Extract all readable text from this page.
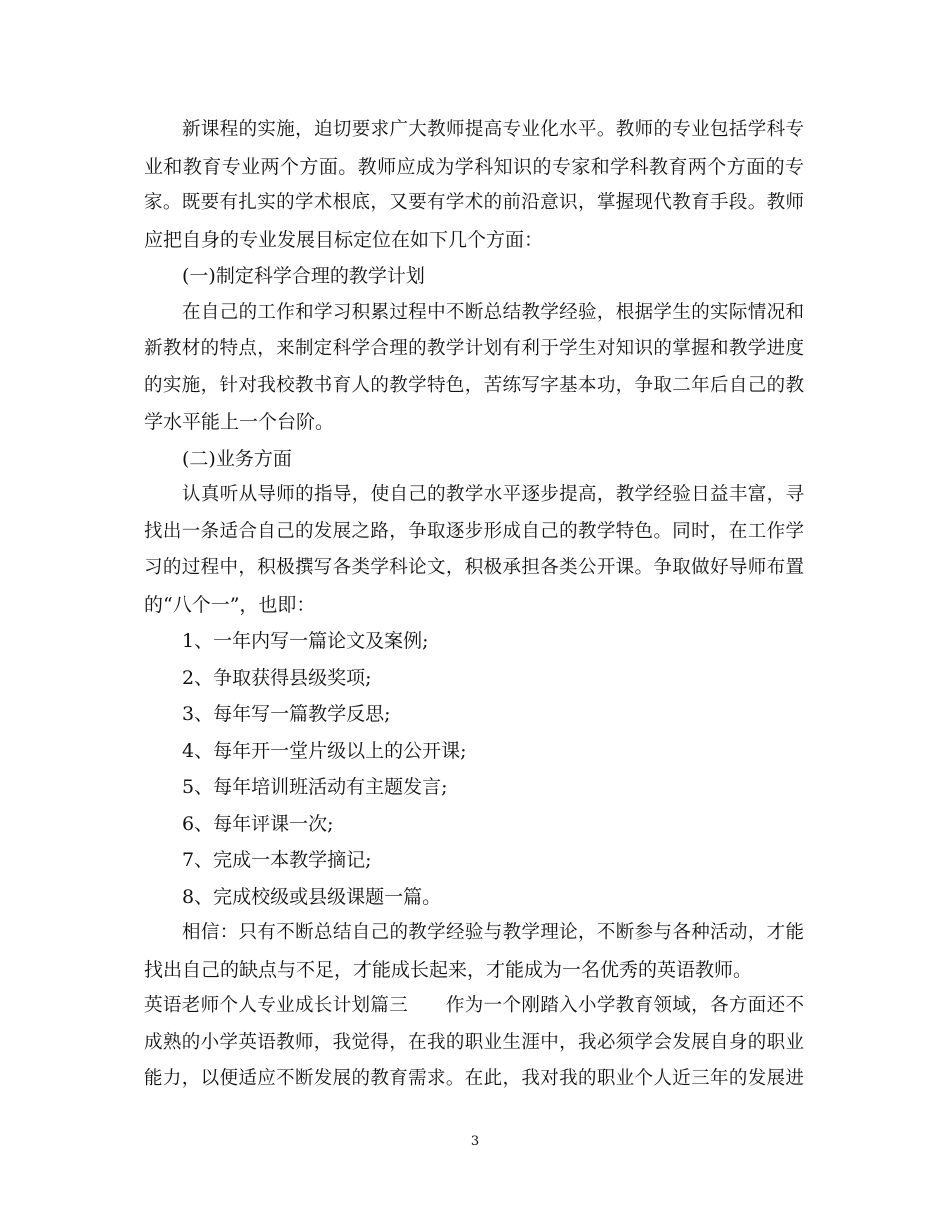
新课程的实施，迫切要求广大教师提高专业化水平。教师的专业包括学科专
业和教育专业两个方面。教师应成为学科知识的专家和学科教育两个方面的专
家。既要有扎实的学术根底，又要有学术的前沿意识，掌握现代教育手段。教师
应把自身的专业发展目标定位在如下几个方面：
(一)制定科学合理的教学计划
在自己的工作和学习积累过程中不断总结教学经验，根据学生的实际情况和
新教材的特点，来制定科学合理的教学计划有利于学生对知识的掌握和教学进度
的实施，针对我校教书育人的教学特色，苦练写字基本功，争取二年后自己的教
学水平能上一个台阶。
(二)业务方面
认真听从导师的指导，使自己的教学水平逐步提高，教学经验日益丰富，寻
找出一条适合自己的发展之路，争取逐步形成自己的教学特色。同时，在工作学
习的过程中，积极撰写各类学科论文，积极承担各类公开课。争取做好导师布置
的“八个一”，也即：
1、一年内写一篇论文及案例;
2、争取获得县级奖项;
3、每年写一篇教学反思;
4、每年开一堂片级以上的公开课;
5、每年培训班活动有主题发言;
6、每年评课一次;
7、完成一本教学摘记;
8、完成校级或县级课题一篇。
相信：只有不断总结自己的教学经验与教学理论，不断参与各种活动，才能
找出自己的缺点与不足，才能成长起来，才能成为一名优秀的英语教师。
英语老师个人专业成长计划篇三　　作为一个刚踏入小学教育领域，各方面还不
成熟的小学英语教师，我觉得，在我的职业生涯中，我必须学会发展自身的职业
能力，以便适应不断发展的教育需求。在此，我对我的职业个人近三年的发展进
3
